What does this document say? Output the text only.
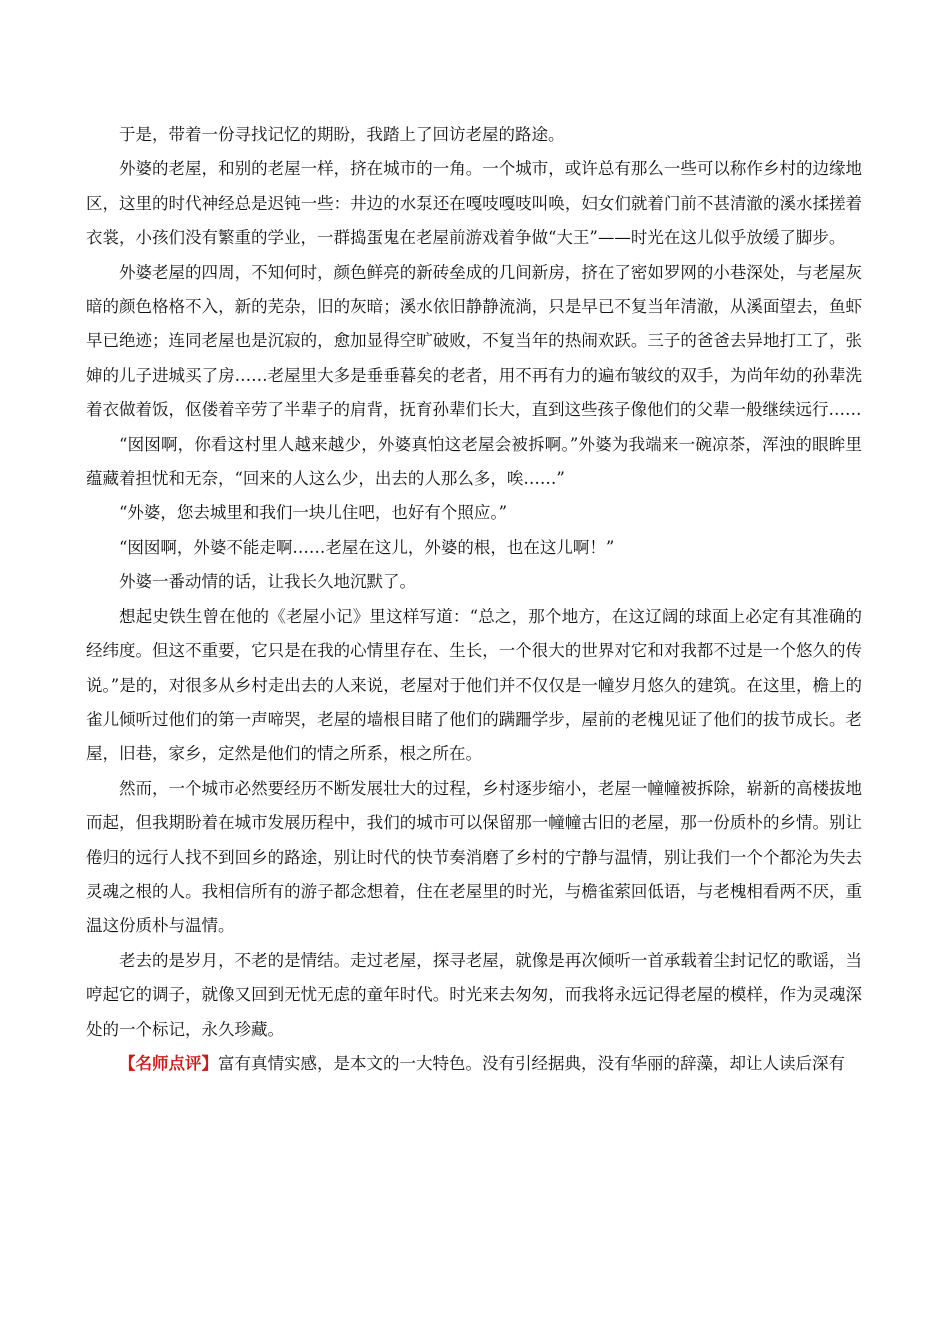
于是，带着一份寻找记忆的期盼，我踏上了回访老屋的路途。

外婆的老屋，和别的老屋一样，挤在城市的一角。一个城市，或许总有那么一些可以称作乡村的边缘地区，这里的时代神经总是迟钝一些：井边的水泵还在嘎吱嘎吱叫唤，妇女们就着门前不甚清澈的溪水揉搓着衣裳，小孩们没有繁重的学业，一群捣蛋鬼在老屋前游戏着争做“大王”——时光在这儿似乎放缓了脚步。

外婆老屋的四周，不知何时，颜色鲜亮的新砖垒成的几间新房，挤在了密如罗网的小巷深处，与老屋灰暗的颜色格格不入，新的芜杂，旧的灰暗；溪水依旧静静流淌，只是早已不复当年清澈，从溪面望去，鱼虾早已绝迹；连同老屋也是沉寂的，愈加显得空旷破败，不复当年的热闹欢跃。三子的爸爸去异地打工了，张婶的儿子进城买了房……老屋里大多是垂垂暮矣的老者，用不再有力的遍布皱纹的双手，为尚年幼的孙辈洗着衣做着饭，伛偻着辛劳了半辈子的肩背，抚育孙辈们长大，直到这些孩子像他们的父辈一般继续远行……

“囡囡啊，你看这村里人越来越少，外婆真怕这老屋会被拆啊。”外婆为我端来一碗凉茶，浑浊的眼眸里蕴藏着担忧和无奈，“回来的人这么少，出去的人那么多，唉……”

“外婆，您去城里和我们一块儿住吧，也好有个照应。”

“囡囡啊，外婆不能走啊……老屋在这儿，外婆的根，也在这儿啊！”

外婆一番动情的话，让我长久地沉默了。

想起史铁生曾在他的《老屋小记》里这样写道：“总之，那个地方，在这辽阔的球面上必定有其准确的经纬度。但这不重要，它只是在我的心情里存在、生长，一个很大的世界对它和对我都不过是一个悠久的传说。”是的，对很多从乡村走出去的人来说，老屋对于他们并不仅仅是一幢岁月悠久的建筑。在这里，檐上的雀儿倾听过他们的第一声啼哭，老屋的墙根目睹了他们的蹒跚学步，屋前的老槐见证了他们的拔节成长。老屋，旧巷，家乡，定然是他们的情之所系，根之所在。

然而，一个城市必然要经历不断发展壮大的过程，乡村逐步缩小，老屋一幢幢被拆除，崭新的高楼拔地而起，但我期盼着在城市发展历程中，我们的城市可以保留那一幢幢古旧的老屋，那一份质朴的乡情。别让倦归的远行人找不到回乡的路途，别让时代的快节奏消磨了乡村的宁静与温情，别让我们一个个都沦为失去灵魂之根的人。我相信所有的游子都念想着，住在老屋里的时光，与檐雀萦回低语，与老槐相看两不厌，重温这份质朴与温情。

老去的是岁月，不老的是情结。走过老屋，探寻老屋，就像是再次倾听一首承载着尘封记忆的歌谣，当哼起它的调子，就像又回到无忧无虑的童年时代。时光来去匆匆，而我将永远记得老屋的模样，作为灵魂深处的一个标记，永久珍藏。

【名师点评】富有真情实感，是本文的一大特色。没有引经据典，没有华丽的辞藻，却让人读后深有
